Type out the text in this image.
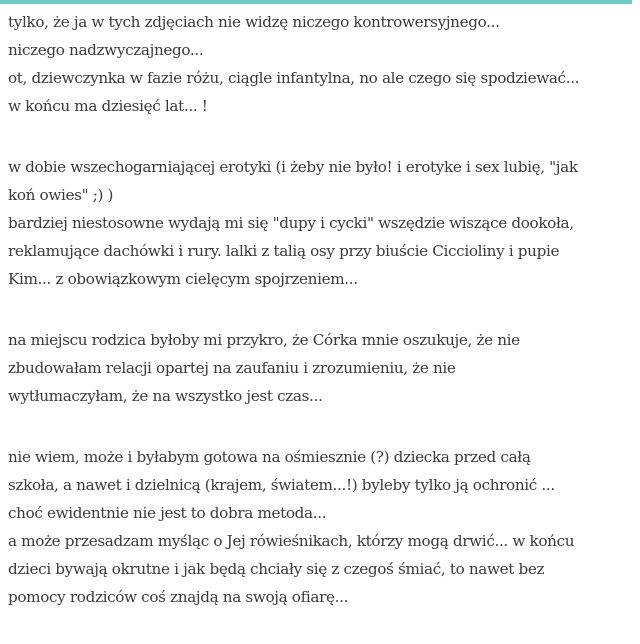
tylko, że ja w tych zdjęciach nie widzę niczego kontrowersyjnego...
niczego nadzwyczajnego...
ot, dziewczynka w fazie różu, ciągle infantylna, no ale czego się spodziewać...
w końcu ma dziesięć lat... !

w dobie wszechogarniającej erotyki (i żeby nie było! i erotyke i sex lubię, "jak
koń owies" ;) )
bardziej niestosowne wydają mi się "dupy i cycki" wszędzie wiszące dookoła,
reklamujące dachówki i rury. lalki z talią osy przy biuście Ciccioliny i pupie
Kim... z obowiązkowym cielęcym spojrzeniem...

na miejscu rodzica byłoby mi przykro, że Córka mnie oszukuje, że nie
zbudowałam relacji opartej na zaufaniu i zrozumieniu, że nie
wytłumaczyłam, że na wszystko jest czas...

nie wiem, może i byłabym gotowa na ośmiesznie (?) dziecka przed całą
szkoła, a nawet i dzielnicą (krajem, światem...!) byleby tylko ją ochronić ...
choć ewidentnie nie jest to dobra metoda...
a może przesadzam myśląc o Jej rówieśnikach, którzy mogą drwić... w końcu
dzieci bywają okrutne i jak będą chciały się z czegoś śmiać, to nawet bez
pomocy rodziców coś znajdą na swoją ofiarę...
